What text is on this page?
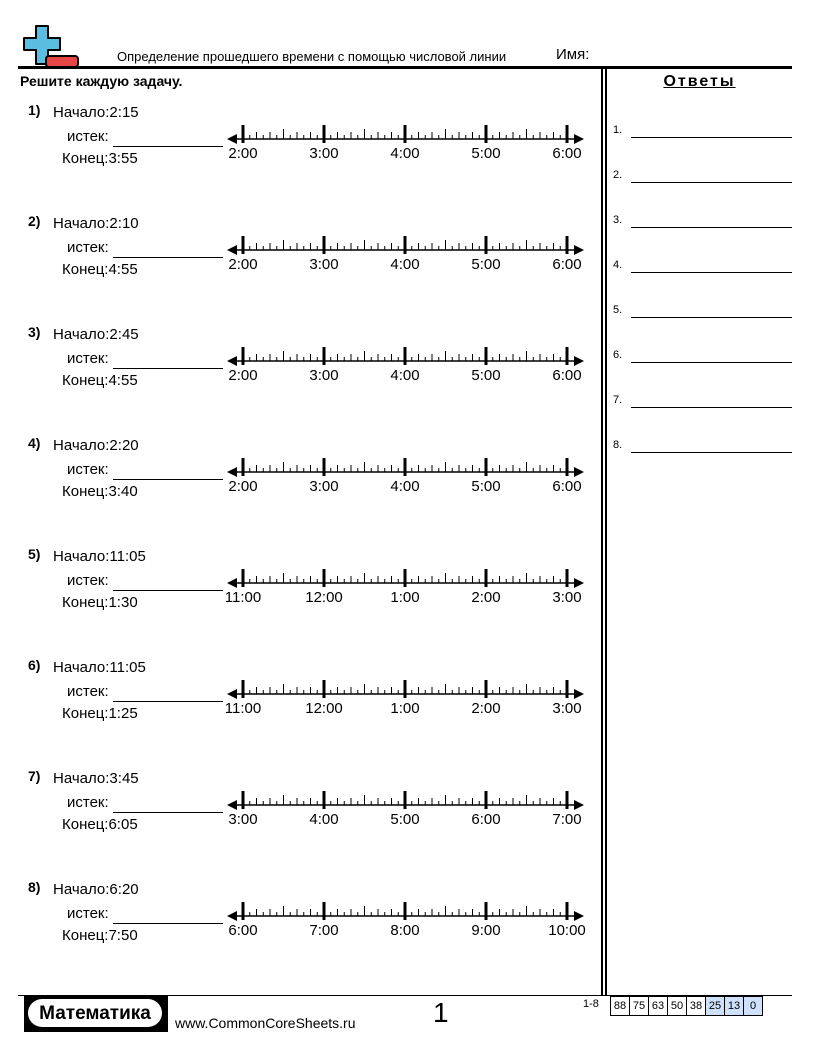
Определение прошедшего времени с помощью числовой линии	Имя:
Решите каждую задачу.	Ответы
1.
2.
3.
4.
5.
6.
7.
8.
1) Начало:2:15
истек:
Конец:3:55	2:00	3:00	4:00	5:00	6:00
2) Начало:2:10
истек:
Конец:4:55	2:00	3:00	4:00	5:00	6:00
3) Начало:2:45
истек:
Конец:4:55	2:00	3:00	4:00	5:00	6:00
4) Начало:2:20
истек:
Конец:3:40	2:00	3:00	4:00	5:00	6:00
5) Начало:11:05
истек:
Конец:1:30	11:00	12:00	1:00	2:00	3:00
6) Начало:11:05
истек:
Конец:1:25	11:00	12:00	1:00	2:00	3:00
7) Начало:3:45
истек:
Конец:6:05	3:00	4:00	5:00	6:00	7:00
8) Начало:6:20
истек:
Конец:7:50	6:00	7:00	8:00	9:00	10:00
Математика	www.CommonCoreSheets.ru	1	1-8 88 75 63 50 38 25 13 0
